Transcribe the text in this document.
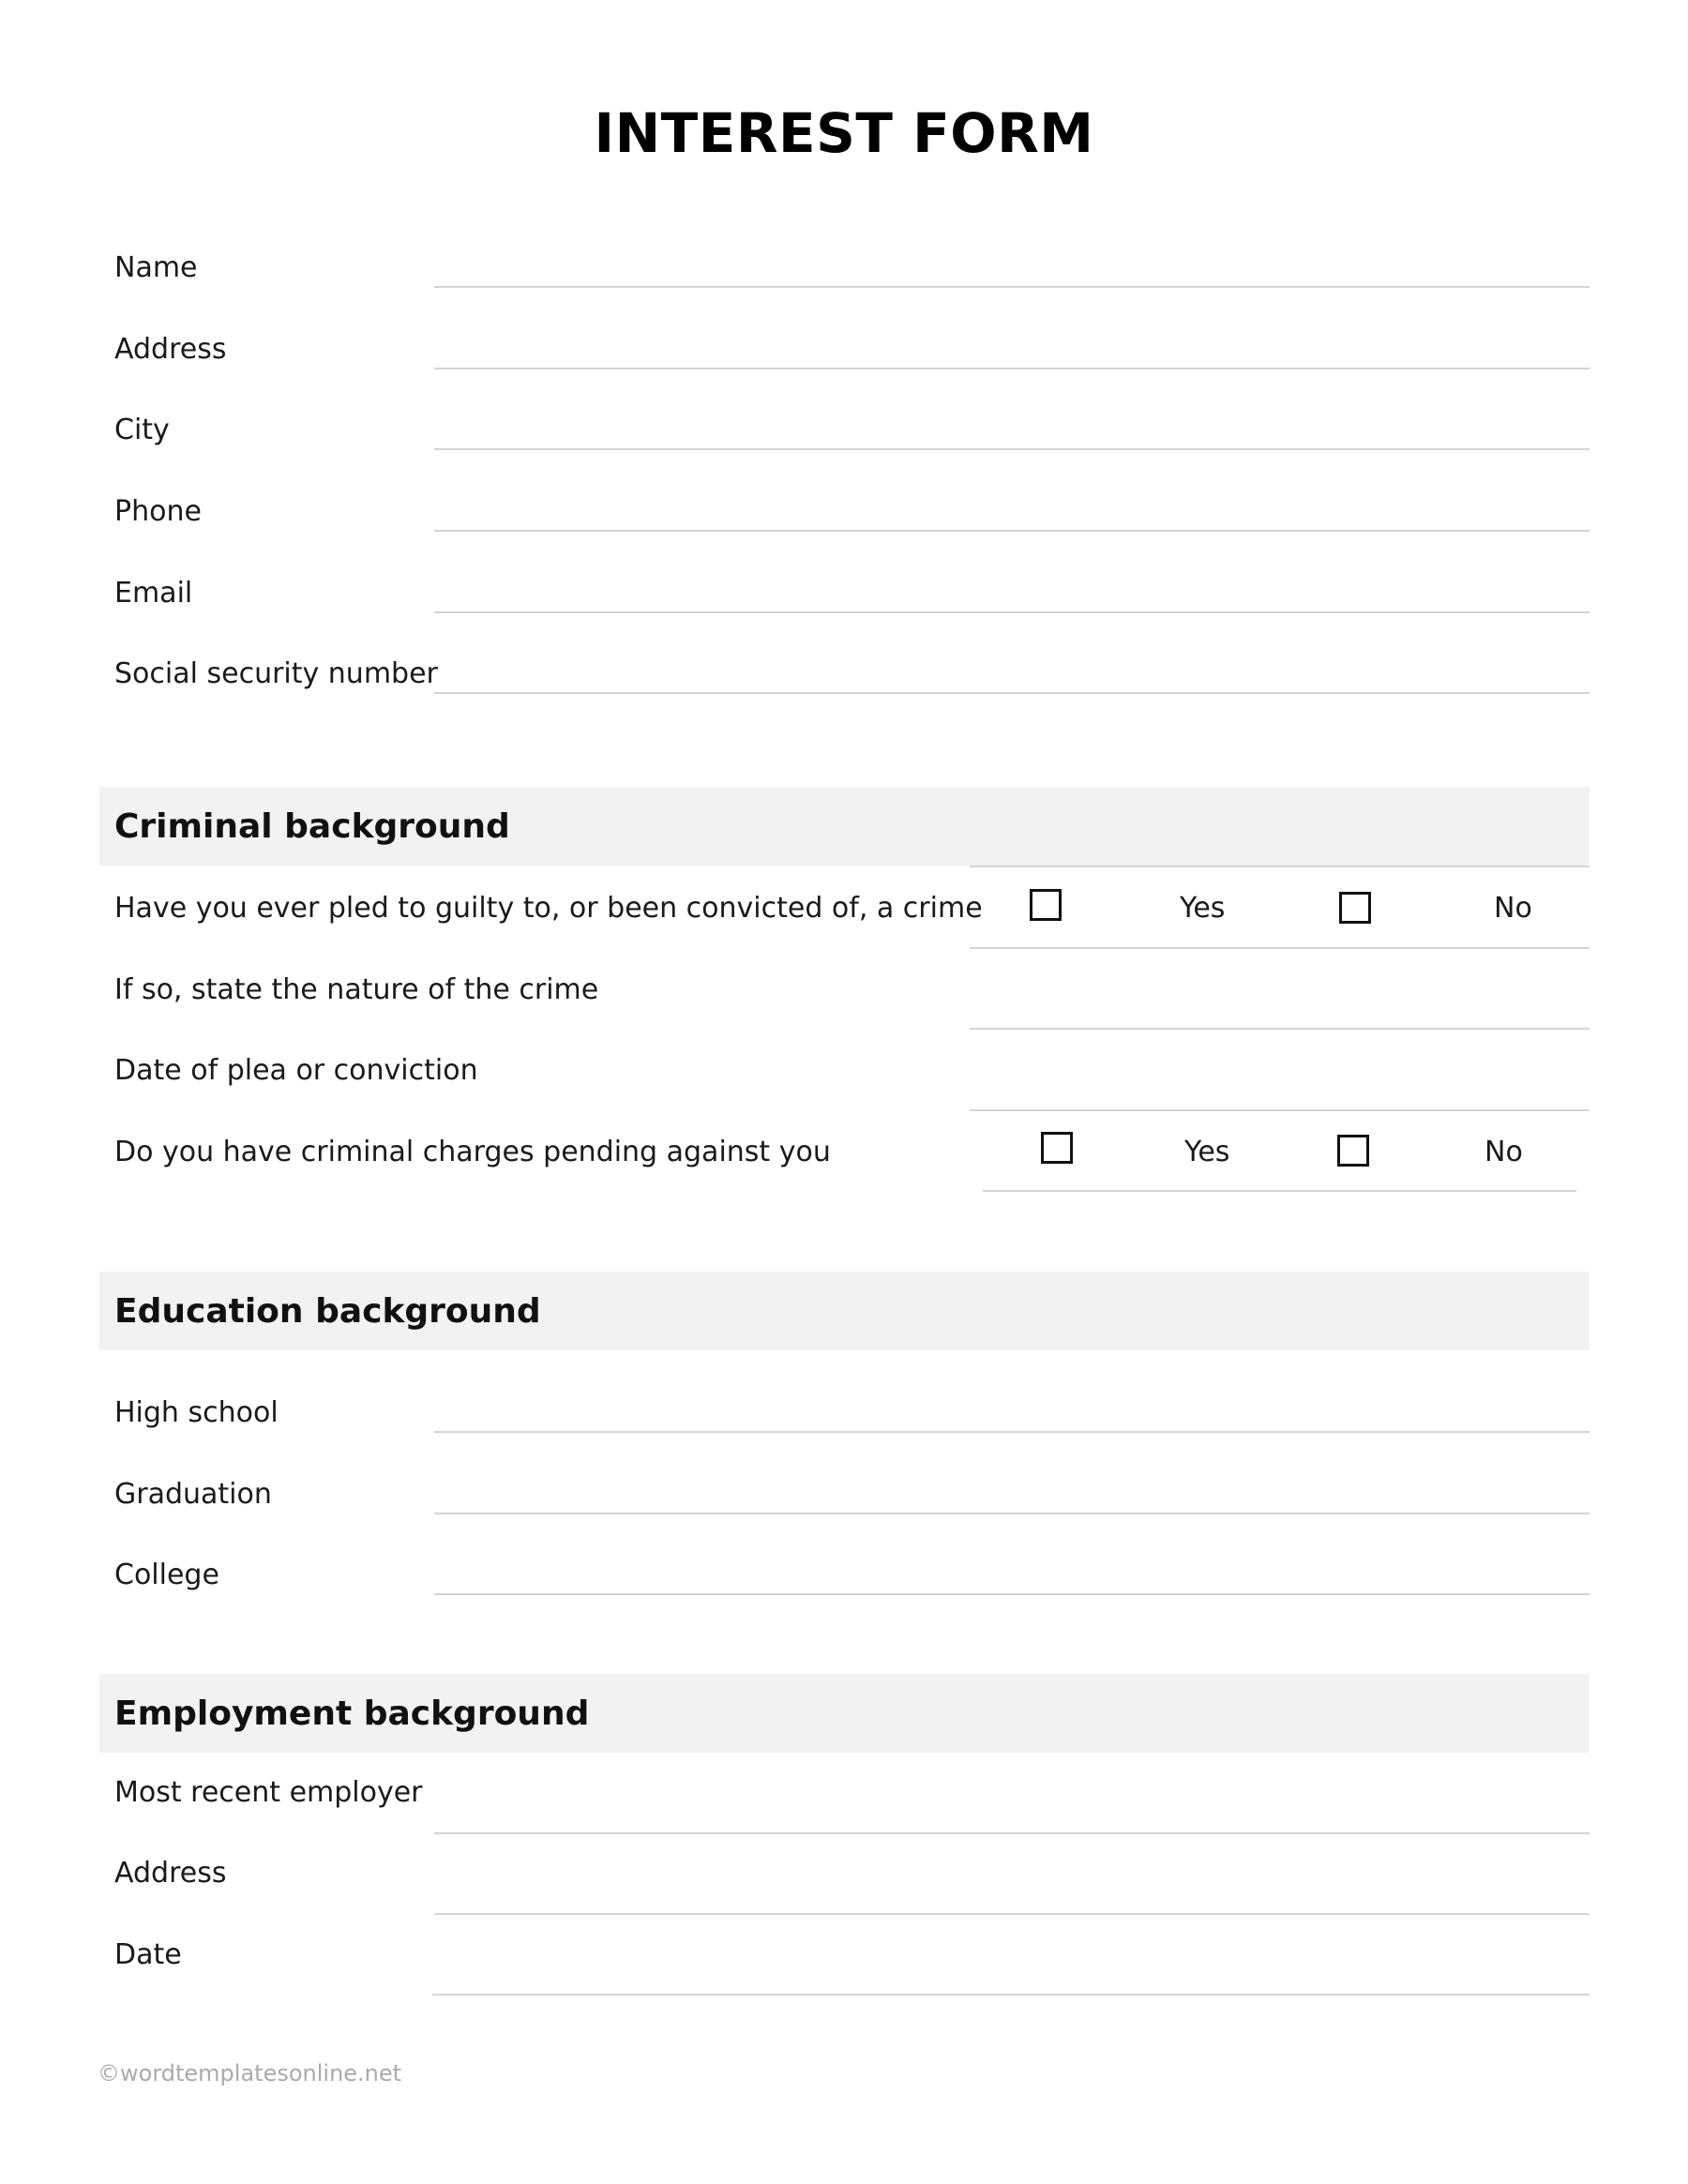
INTEREST FORM
Name
Address
City
Phone
Email
Social security number
Criminal background
Have you ever pled to guilty to, or been convicted of, a crime	Yes	No
If so, state the nature of the crime
Date of plea or conviction
Do you have criminal charges pending against you	Yes	No
Education background
High school
Graduation
College
Employment background
Most recent employer
Address
Date
©wordtemplatesonline.net
